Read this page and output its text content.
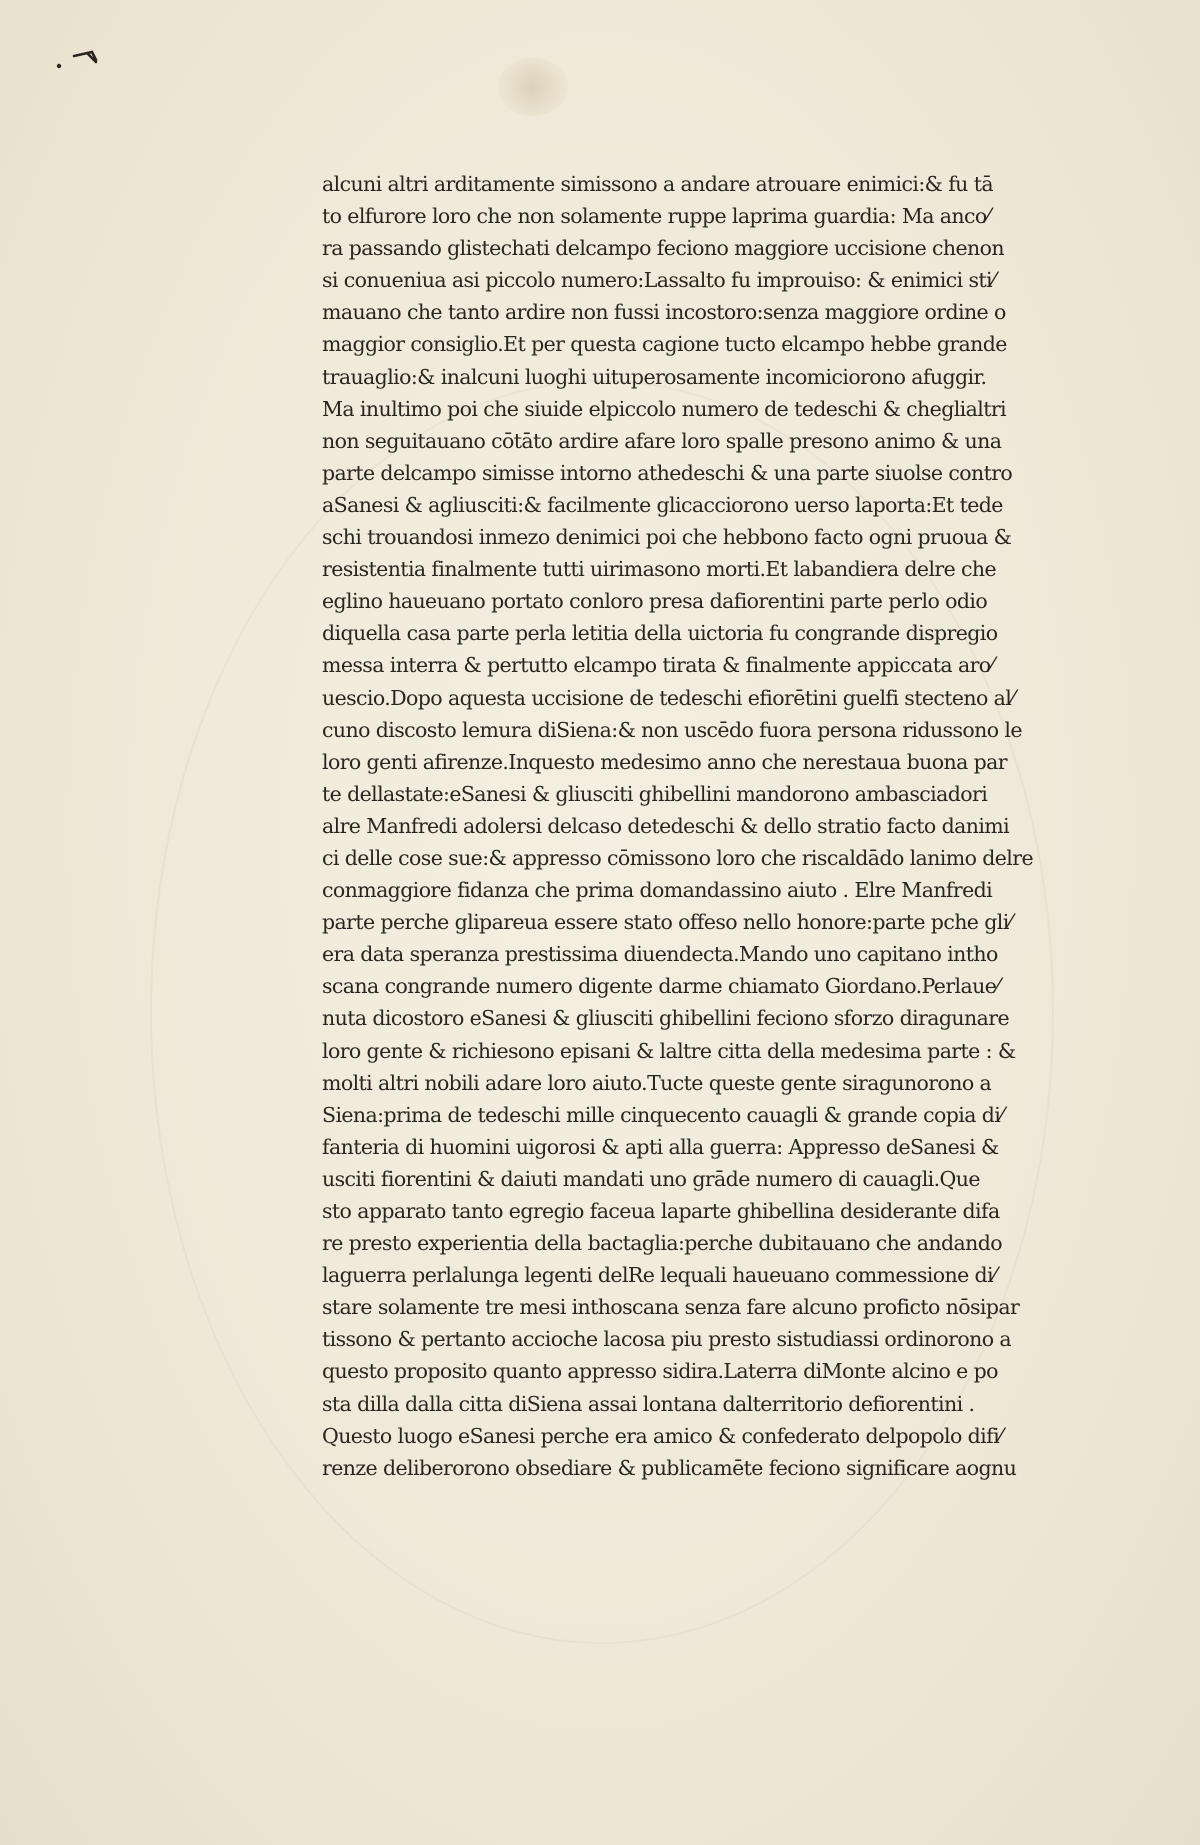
alcuni altri arditamente simissono a andare atrouare enimici:& fu tā
to elfurore loro che non solamente ruppe laprima guardia: Ma anco⁄
ra passando glistechati delcampo feciono maggiore uccisione chenon
si conueniua asi piccolo numero:Lassalto fu improuiso: & enimici sti⁄
mauano che tanto ardire non fussi incostoro:senza maggiore ordine o
maggior consiglio.Et per questa cagione tucto elcampo hebbe grande
trauaglio:& inalcuni luoghi uituperosamente incomiciorono afuggir.
Ma inultimo poi che siuide elpiccolo numero de tedeschi & cheglialtri
non seguitauano cōtāto ardire afare loro spalle presono animo & una
parte delcampo simisse intorno athedeschi & una parte siuolse contro
aSanesi & agliusciti:& facilmente glicacciorono uerso laporta:Et tede
schi trouandosi inmezo denimici poi che hebbono facto ogni pruoua &
resistentia finalmente tutti uirimasono morti.Et labandiera delre che
eglino haueuano portato conloro presa dafiorentini parte perlo odio
diquella casa parte perla letitia della uictoria fu congrande dispregio
messa interra & pertutto elcampo tirata & finalmente appiccata aro⁄
uescio.Dopo aquesta uccisione de tedeschi efiorētini guelfi stecteno al⁄
cuno discosto lemura diSiena:& non uscēdo fuora persona ridussono le
loro genti afirenze.Inquesto medesimo anno che nerestaua buona par
te dellastate:eSanesi & gliusciti ghibellini mandorono ambasciadori
alre Manfredi adolersi delcaso detedeschi & dello stratio facto danimi
ci delle cose sue:& appresso cōmissono loro che riscaldādo lanimo delre
conmaggiore fidanza che prima domandassino aiuto . Elre Manfredi
parte perche glipareua essere stato offeso nello honore:parte pche gli⁄
era data speranza prestissima diuendecta.Mando uno capitano intho
scana congrande numero digente darme chiamato Giordano.Perlaue⁄
nuta dicostoro eSanesi & gliusciti ghibellini feciono sforzo diragunare
loro gente & richiesono episani & laltre citta della medesima parte : &
molti altri nobili adare loro aiuto.Tucte queste gente siragunorono a
Siena:prima de tedeschi mille cinquecento cauagli & grande copia di⁄
fanteria di huomini uigorosi & apti alla guerra: Appresso deSanesi &
usciti fiorentini & daiuti mandati uno grāde numero di cauagli.Que
sto apparato tanto egregio faceua laparte ghibellina desiderante difa
re presto experientia della bactaglia:perche dubitauano che andando
laguerra perlalunga legenti delRe lequali haueuano commessione di⁄
stare solamente tre mesi inthoscana senza fare alcuno proficto nōsipar
tissono & pertanto acciochе lacosa piu presto sistudiassi ordinorono a
questo proposito quanto appresso sidira.Laterra diMonte alcino e po
sta dilla dalla citta diSiena assai lontana dalterritorio defiorentini .
Questo luogo eSanesi perche era amico & confederato delpopolo difi⁄
renze deliberorono obsediare & publicamēte feciono significare aognu
